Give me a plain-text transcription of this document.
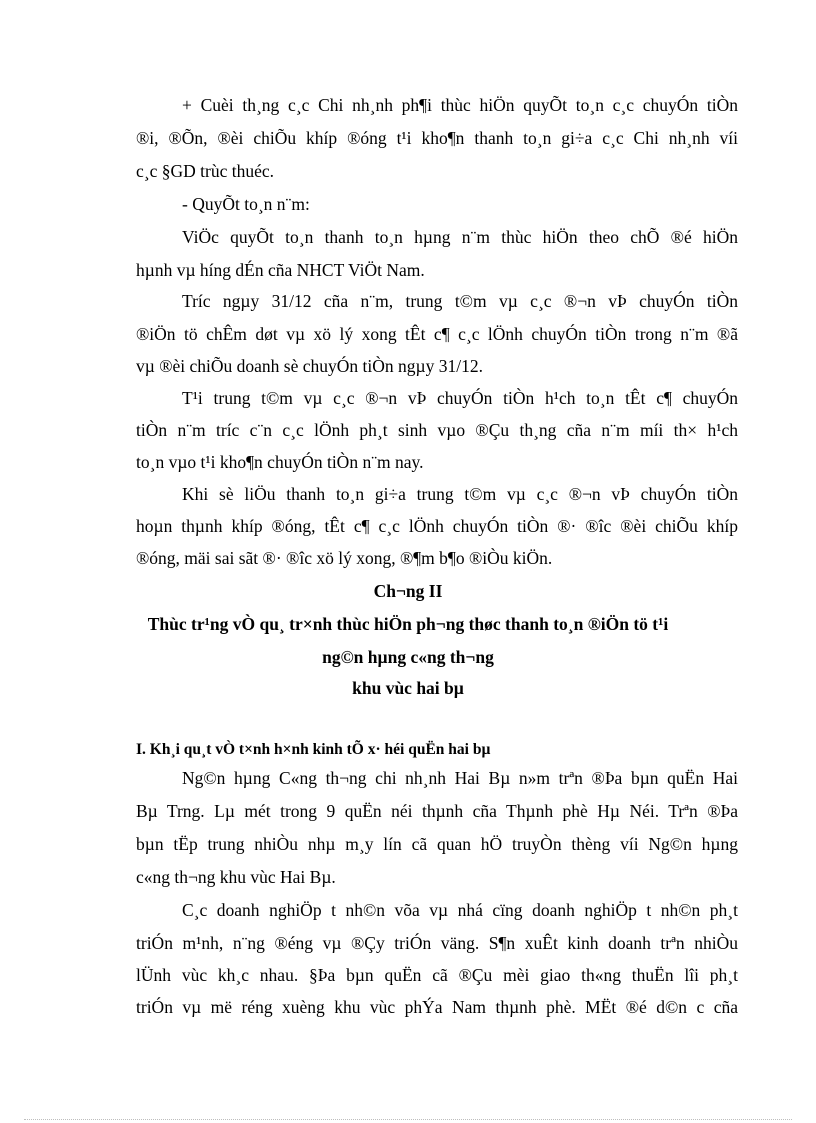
+ Cuèi th¸ng c¸c Chi nh¸nh ph¶i thùc hiÖn quyÕt to¸n c¸c chuyÓn tiÒn
®i, ®Õn, ®èi chiÕu khíp ®óng t¹i kho¶n thanh to¸n gi÷a c¸c Chi nh¸nh víi
c¸c §GD trùc thuéc.
- QuyÕt to¸n n¨m:
ViÖc quyÕt to¸n thanh to¸n hµng n¨m thùc hiÖn theo chÕ ®é hiÖn
hµnh vµ híng dÉn cña NHCT ViÖt Nam.
Tríc ngµy 31/12 cña n¨m, trung t©m vµ c¸c ®¬n vÞ chuyÓn tiÒn
®iÖn tö chÊm døt vµ xö lý xong tÊt c¶ c¸c lÖnh chuyÓn tiÒn trong n¨m ®ã
vµ ®èi chiÕu doanh sè chuyÓn tiÒn ngµy 31/12.
T¹i trung t©m vµ c¸c ®¬n vÞ chuyÓn tiÒn h¹ch to¸n tÊt c¶ chuyÓn
tiÒn n¨m tríc c¨n c¸c lÖnh ph¸t sinh vµo ®Çu th¸ng cña n¨m míi th× h¹ch
to¸n vµo t¹i kho¶n chuyÓn tiÒn n¨m nay.
Khi sè liÖu thanh to¸n gi÷a trung t©m vµ c¸c ®¬n vÞ chuyÓn tiÒn
hoµn thµnh khíp ®óng, tÊt c¶ c¸c lÖnh chuyÓn tiÒn ®· ®îc ®èi chiÕu khíp
®óng, mäi sai sãt ®· ®îc xö lý xong, ®¶m b¶o ®iÒu kiÖn.
Ch¬ng II
Thùc tr¹ng vÒ qu¸ tr×nh thùc hiÖn ph¬ng thøc thanh to¸n ®iÖn tö t¹i
ng©n hµng c«ng th¬ng
khu vùc hai bµ
I. Kh¸i qu¸t vÒ t×nh h×nh kinh tÕ x· héi quËn hai bµ
Ng©n hµng C«ng th¬ng chi nh¸nh Hai Bµ n»m trªn ®Þa bµn quËn Hai
Bµ Trng. Lµ mét trong 9 quËn néi thµnh cña Thµnh phè Hµ Néi. Trªn ®Þa
bµn tËp trung nhiÒu nhµ m¸y lín cã quan hÖ truyÒn thèng víi Ng©n hµng
c«ng th¬ng khu vùc Hai Bµ.
C¸c doanh nghiÖp t nh©n võa vµ nhá cïng doanh nghiÖp t nh©n ph¸t
triÓn m¹nh, n¨ng ®éng vµ ®Çy triÓn väng. S¶n xuÊt kinh doanh trªn nhiÒu
lÜnh vùc kh¸c nhau. §Þa bµn quËn cã ®Çu mèi giao th«ng thuËn lîi ph¸t
triÓn vµ më réng xuèng khu vùc phÝa Nam thµnh phè. MËt ®é d©n c cña
